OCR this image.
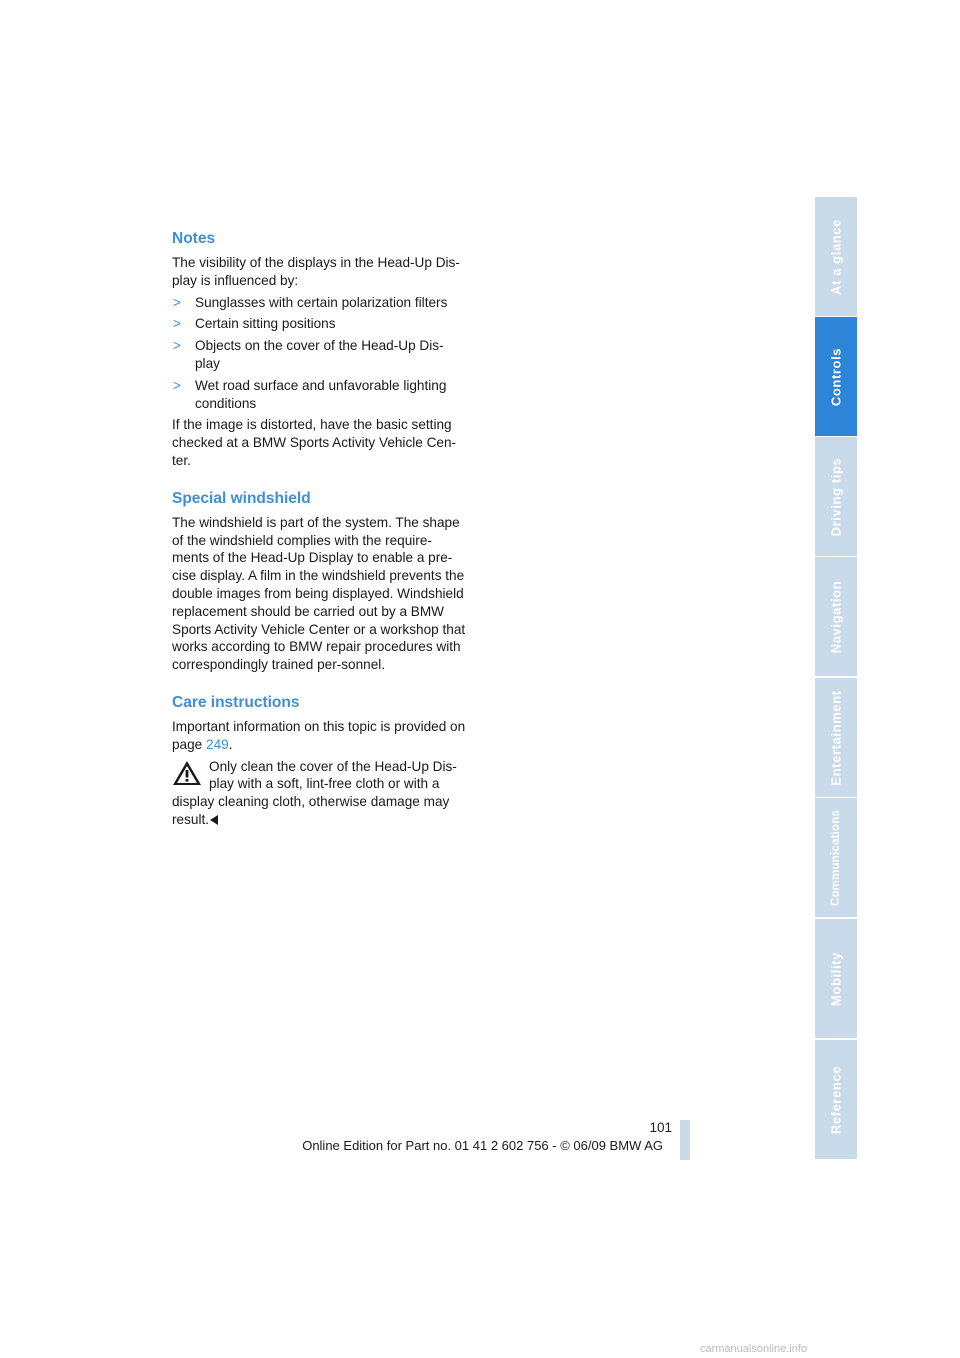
Notes

The visibility of the displays in the Head-Up Dis-play is influenced by:

> Sunglasses with certain polarization filters
> Certain sitting positions
> Objects on the cover of the Head-Up Dis-play
> Wet road surface and unfavorable lighting conditions

If the image is distorted, have the basic setting checked at a BMW Sports Activity Vehicle Cen-ter.

Special windshield

The windshield is part of the system. The shape of the windshield complies with the require-ments of the Head-Up Display to enable a pre-cise display. A film in the windshield prevents the double images from being displayed. Windshield replacement should be carried out by a BMW Sports Activity Vehicle Center or a workshop that works according to BMW repair procedures with correspondingly trained per-sonnel.

Care instructions

Important information on this topic is provided on page 249.

Only clean the cover of the Head-Up Dis-play with a soft, lint-free cloth or with a display cleaning cloth, otherwise damage may result.
At a glance
Controls
Driving tips
Navigation
Entertainment
Communications
Mobility
Reference
101
Online Edition for Part no. 01 41 2 602 756 - © 06/09 BMW AG
carmanualsonline.info
